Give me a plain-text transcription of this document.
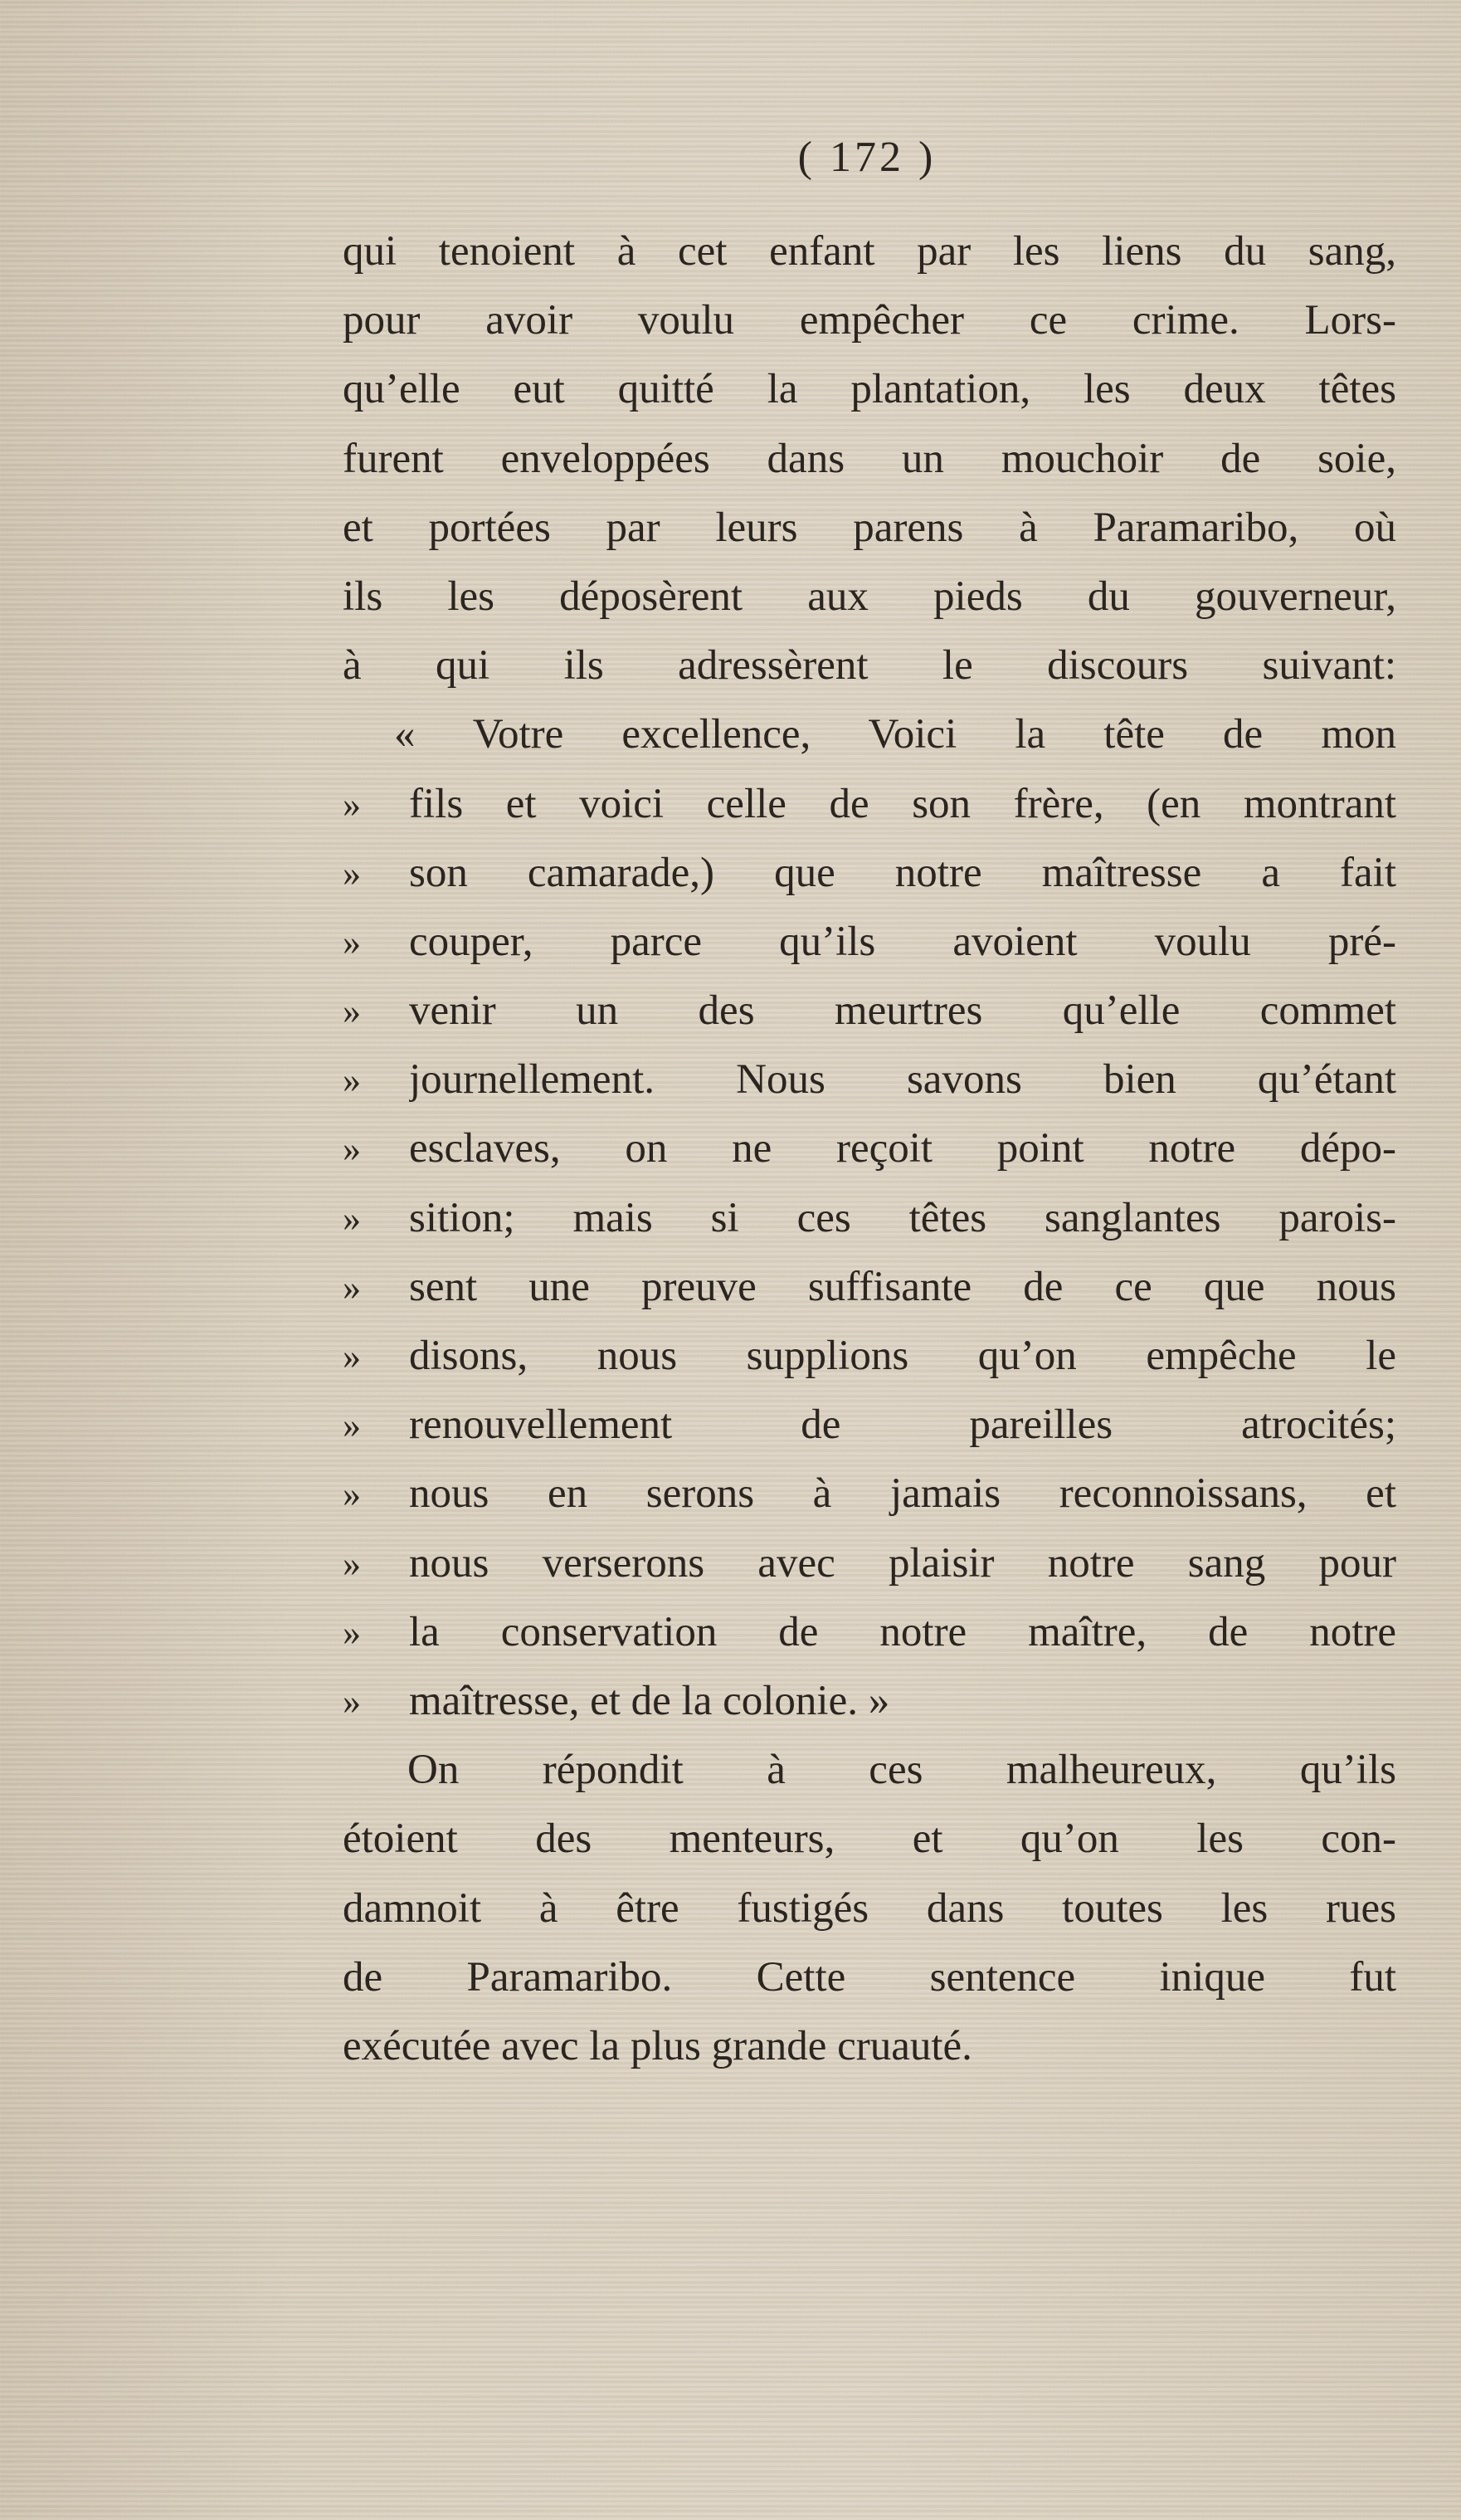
( 172 )
qui tenoient à cet enfant par les liens du sang,
pour avoir voulu empêcher ce crime. Lors-
qu’elle eut quitté la plantation, les deux têtes
furent enveloppées dans un mouchoir de soie,
et portées par leurs parens à Paramaribo, où
ils les déposèrent aux pieds du gouverneur,
à qui ils adressèrent le discours suivant:
« Votre excellence, Voici la tête de mon
» fils et voici celle de son frère, (en montrant
» son camarade,) que notre maîtresse a fait
» couper, parce qu’ils avoient voulu pré-
» venir un des meurtres qu’elle commet
» journellement. Nous savons bien qu’étant
» esclaves, on ne reçoit point notre dépo-
» sition; mais si ces têtes sanglantes parois-
» sent une preuve suffisante de ce que nous
» disons, nous supplions qu’on empêche le
» renouvellement de pareilles atrocités;
» nous en serons à jamais reconnoissans, et
» nous verserons avec plaisir notre sang pour
» la conservation de notre maître, de notre
» maîtresse, et de la colonie. »
On répondit à ces malheureux, qu’ils
étoient des menteurs, et qu’on les con-
damnoit à être fustigés dans toutes les rues
de Paramaribo. Cette sentence inique fut
exécutée avec la plus grande cruauté.
